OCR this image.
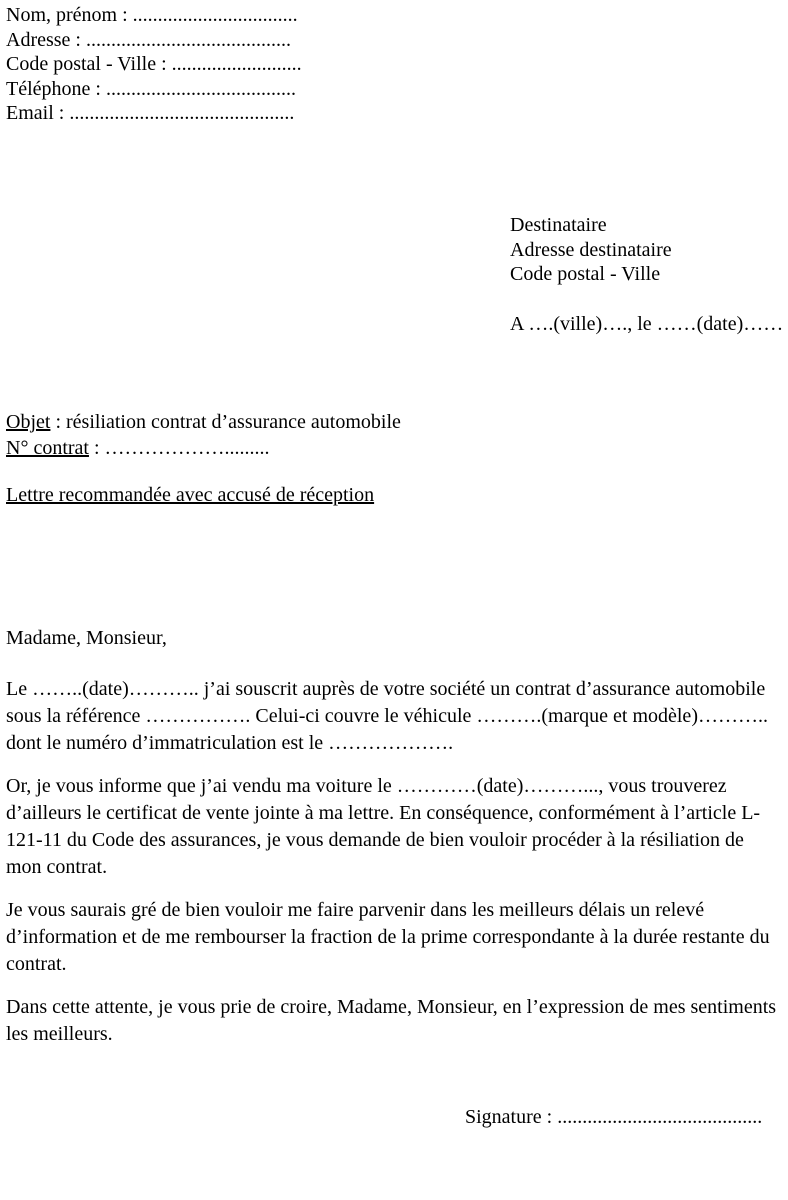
Nom, prénom : .................................
Adresse : .........................................
Code postal - Ville : ..........................
Téléphone : ......................................
Email : .............................................
Destinataire
Adresse destinataire
Code postal - Ville
A ….(ville)…., le ……(date)……
Objet : résiliation contrat d’assurance automobile
N° contrat : ……………….........
Lettre recommandée avec accusé de réception

Madame, Monsieur,

Le ……..(date)……….. j’ai souscrit auprès de votre société un contrat d’assurance automobile sous la référence ……………. Celui-ci couvre le véhicule ……….(marque et modèle)……….. dont le numéro d’immatriculation est le ……………….

Or, je vous informe que j’ai vendu ma voiture le …………(date)………..., vous trouverez d’ailleurs le certificat de vente jointe à ma lettre. En conséquence, conformément à l’article L-121-11 du Code des assurances, je vous demande de bien vouloir procéder à la résiliation de mon contrat.

Je vous saurais gré de bien vouloir me faire parvenir dans les meilleurs délais un relevé d’information et de me rembourser la fraction de la prime correspondante à la durée restante du contrat.

Dans cette attente, je vous prie de croire, Madame, Monsieur, en l’expression de mes sentiments les meilleurs.

Signature : .........................................
